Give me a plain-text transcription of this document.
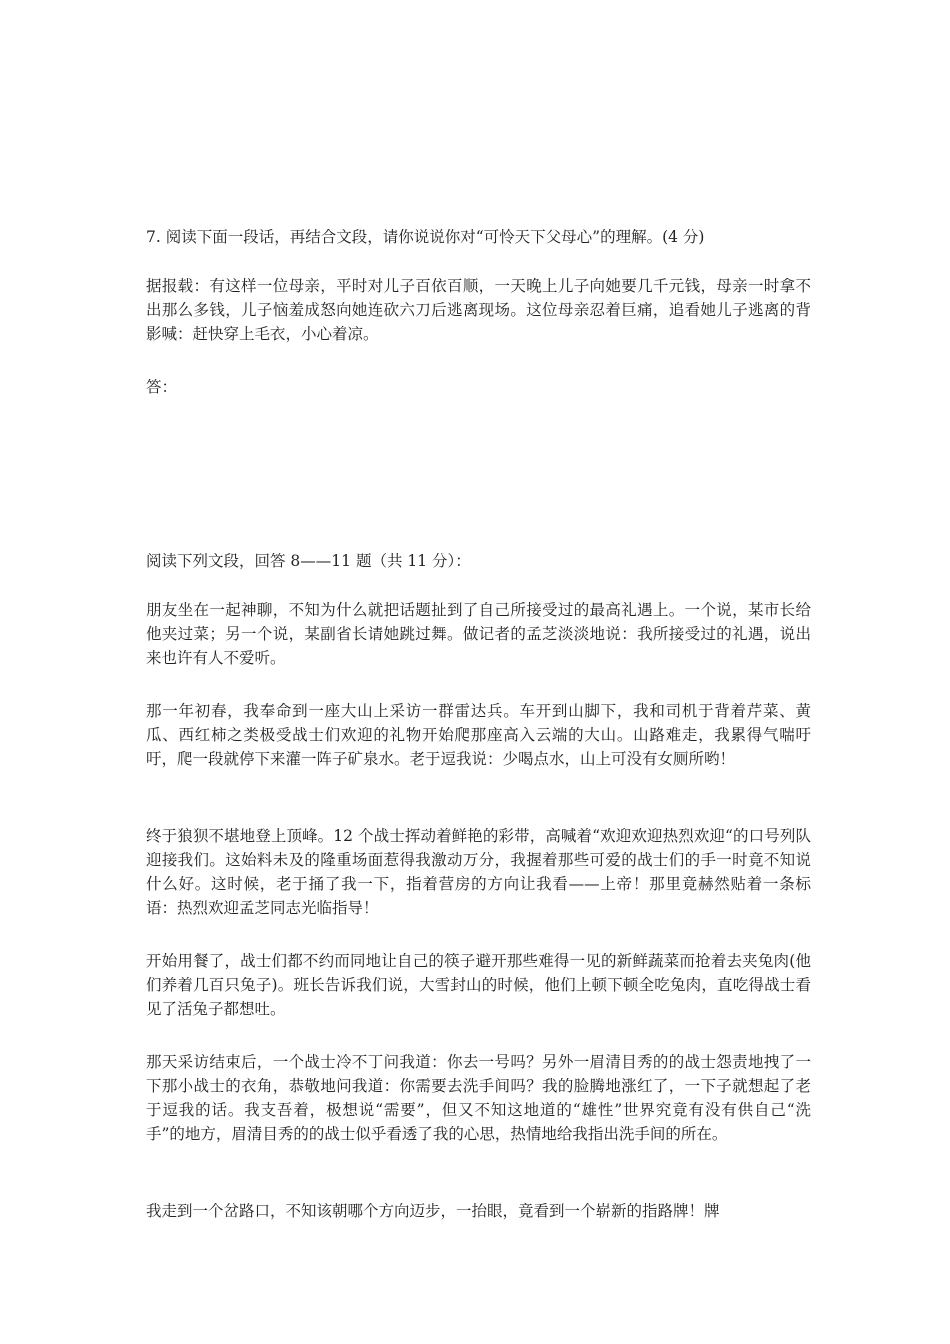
7. 阅读下面一段话，再结合文段，请你说说你对“可怜天下父母心”的理解。(4 分)
据报载：有这样一位母亲，平时对儿子百依百顺，一天晚上儿子向她要几千元钱，母亲一时拿不出那么多钱，儿子恼羞成怒向她连砍六刀后逃离现场。这位母亲忍着巨痛，追看她儿子逃离的背影喊：赶快穿上毛衣，小心着凉。
答：
阅读下列文段，回答 8——11 题（共 11 分）：
朋友坐在一起神聊，不知为什么就把话题扯到了自己所接受过的最高礼遇上。一个说，某市长给他夹过菜；另一个说，某副省长请她跳过舞。做记者的孟芝淡淡地说：我所接受过的礼遇，说出来也许有人不爱听。
那一年初春，我奉命到一座大山上采访一群雷达兵。车开到山脚下，我和司机于背着芹菜、黄瓜、西红柿之类极受战士们欢迎的礼物开始爬那座高入云端的大山。山路难走，我累得气喘吁吁，爬一段就停下来灌一阵子矿泉水。老于逗我说：少喝点水，山上可没有女厕所哟！
终于狼狈不堪地登上顶峰。12 个战士挥动着鲜艳的彩带，高喊着“欢迎欢迎热烈欢迎“的口号列队迎接我们。这始料未及的隆重场面惹得我激动万分，我握着那些可爱的战士们的手一时竟不知说什么好。这时候，老于捅了我一下，指着营房的方向让我看——上帝！那里竟赫然贴着一条标语：热烈欢迎孟芝同志光临指导！
开始用餐了，战士们都不约而同地让自己的筷子避开那些难得一见的新鲜蔬菜而抢着去夹兔肉(他们养着几百只兔子)。班长告诉我们说，大雪封山的时候，他们上顿下顿全吃兔肉，直吃得战士看见了活兔子都想吐。
那天采访结束后，一个战士冷不丁问我道：你去一号吗？另外一眉清目秀的的战士怨责地拽了一下那小战士的衣角，恭敬地问我道：你需要去洗手间吗？我的脸腾地涨红了，一下子就想起了老于逗我的话。我支吾着，极想说“需要”，但又不知这地道的“雄性”世界究竟有没有供自己“洗手”的地方，眉清目秀的的战士似乎看透了我的心思，热情地给我指出洗手间的所在。
我走到一个岔路口，不知该朝哪个方向迈步，一抬眼，竟看到一个崭新的指路牌！牌
